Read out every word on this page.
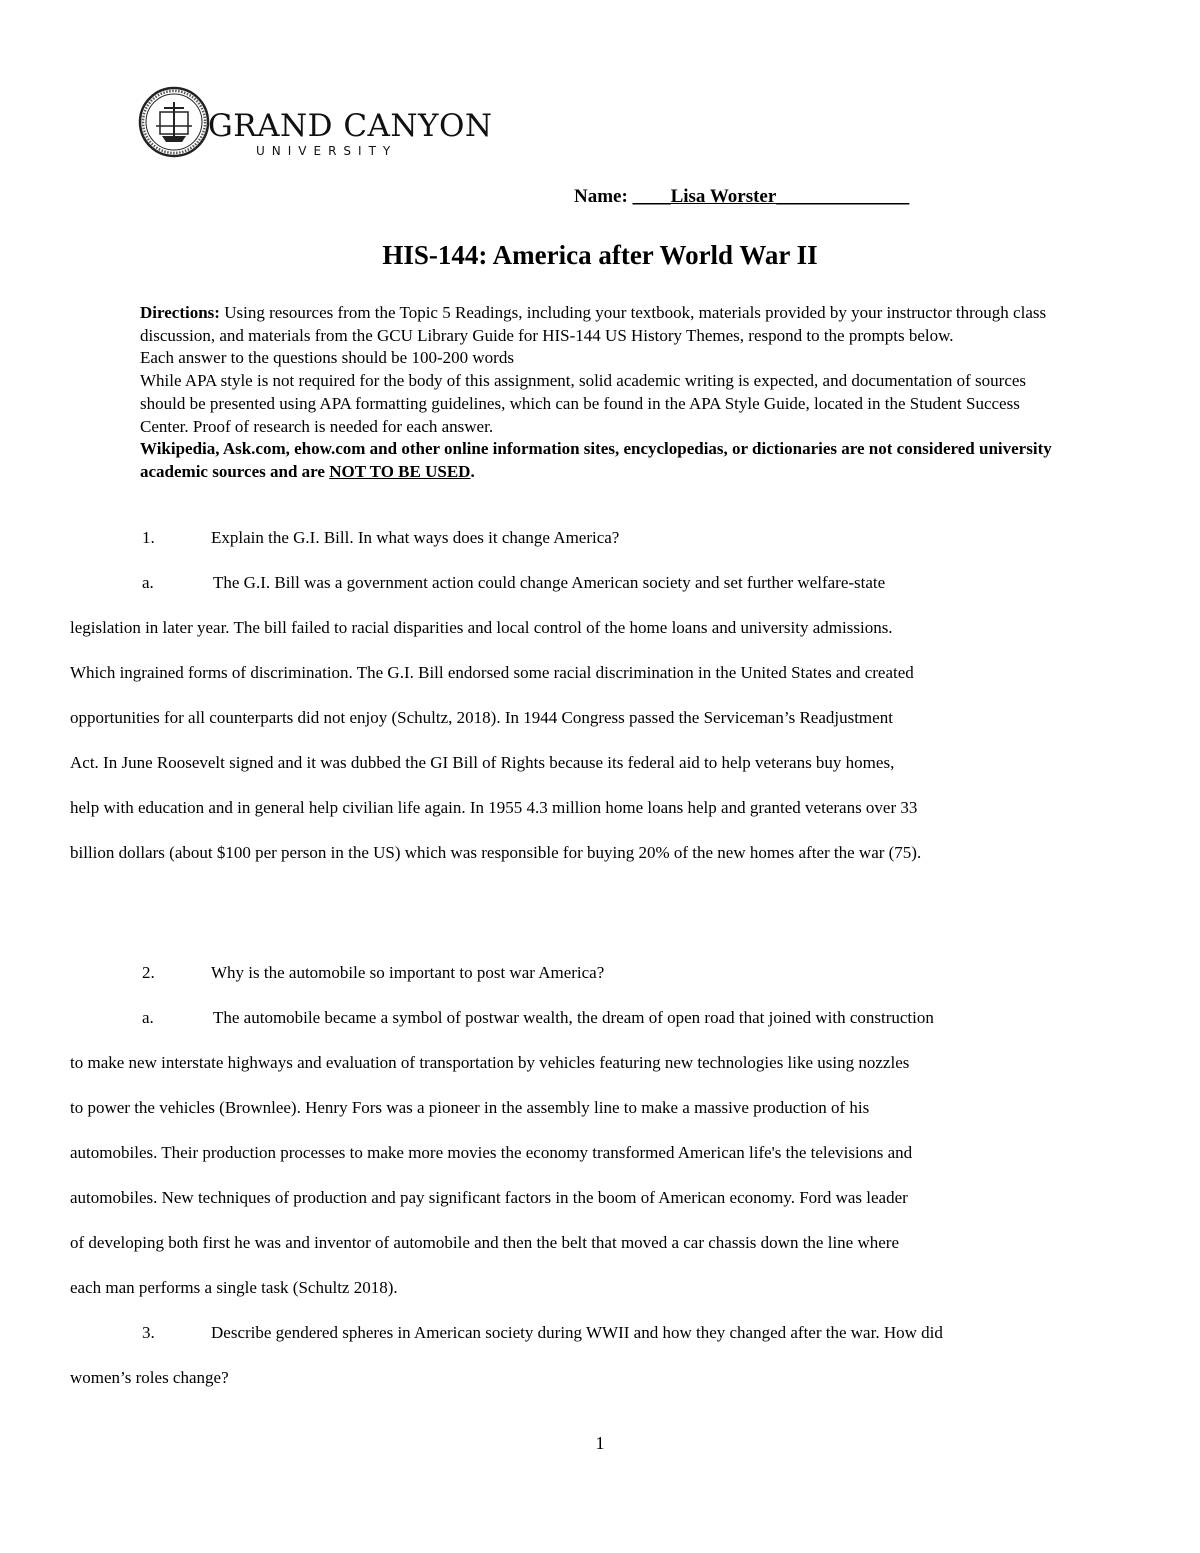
GRAND CANYON
UNIVERSITY
Name: ____Lisa Worster______________
HIS-144: America after World War II

Directions: Using resources from the Topic 5 Readings, including your textbook, materials provided by your instructor through class discussion, and materials from the GCU Library Guide for HIS-144 US History Themes, respond to the prompts below.

Each answer to the questions should be 100-200 words

While APA style is not required for the body of this assignment, solid academic writing is expected, and documentation of sources should be presented using APA formatting guidelines, which can be found in the APA Style Guide, located in the Student Success Center. Proof of research is needed for each answer.

Wikipedia, Ask.com, ehow.com and other online information sites, encyclopedias, or dictionaries are not considered university academic sources and are NOT TO BE USED.

1.	Explain the G.I. Bill. In what ways does it change America?
a.	The G.I. Bill was a government action could change American society and set further welfare-state
legislation in later year. The bill failed to racial disparities and local control of the home loans and university admissions.
Which ingrained forms of discrimination. The G.I. Bill endorsed some racial discrimination in the United States and created
opportunities for all counterparts did not enjoy (Schultz, 2018). In 1944 Congress passed the Serviceman’s Readjustment
Act. In June Roosevelt signed and it was dubbed the GI Bill of Rights because its federal aid to help veterans buy homes,
help with education and in general help civilian life again. In 1955 4.3 million home loans help and granted veterans over 33
billion dollars (about $100 per person in the US) which was responsible for buying 20% of the new homes after the war (75).
2.	Why is the automobile so important to post war America?
a.	The automobile became a symbol of postwar wealth, the dream of open road that joined with construction
to make new interstate highways and evaluation of transportation by vehicles featuring new technologies like using nozzles
to power the vehicles (Brownlee). Henry Fors was a pioneer in the assembly line to make a massive production of his
automobiles. Their production processes to make more movies the economy transformed American life's the televisions and
automobiles. New techniques of production and pay significant factors in the boom of American economy. Ford was leader
of developing both first he was and inventor of automobile and then the belt that moved a car chassis down the line where
each man performs a single task (Schultz 2018).
3.	Describe gendered spheres in American society during WWII and how they changed after the war. How did
women’s roles change?
1
